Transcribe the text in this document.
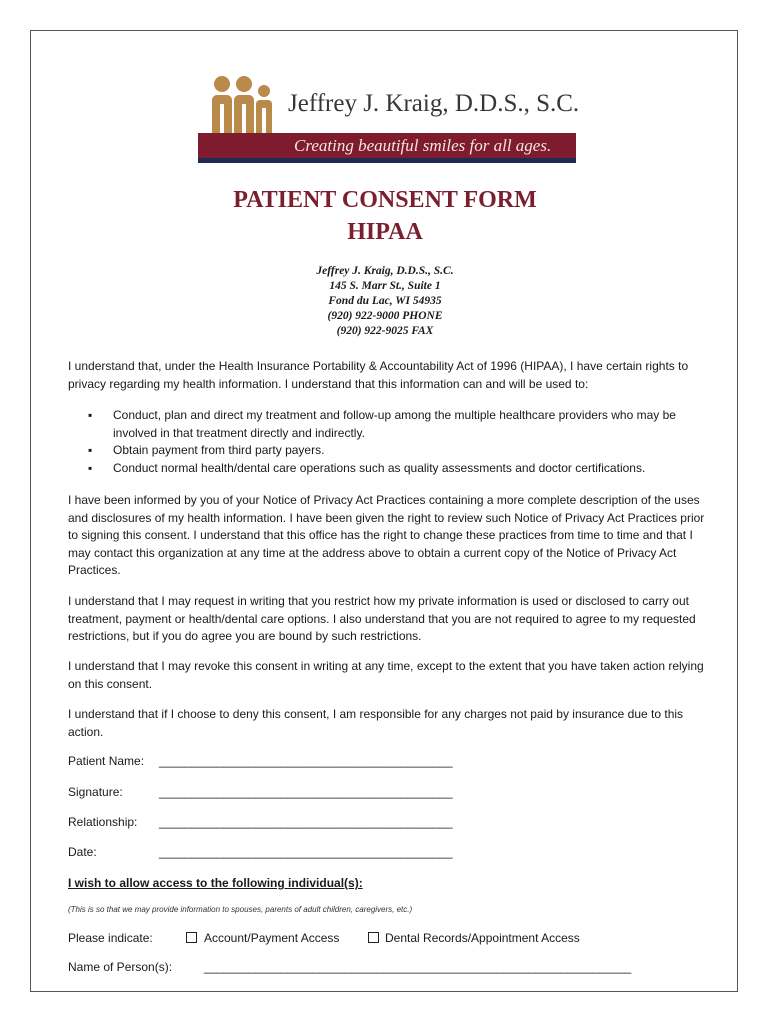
Jeffrey J. Kraig, D.D.S., S.C.
Creating beautiful smiles for all ages.
PATIENT CONSENT FORM
HIPAA
Jeffrey J. Kraig, D.D.S., S.C.
145 S. Marr St., Suite 1
Fond du Lac, WI 54935
(920) 922-9000 PHONE
(920) 922-9025 FAX

I understand that, under the Health Insurance Portability & Accountability Act of 1996 (HIPAA), I have certain rights to privacy regarding my health information. I understand that this information can and will be used to:

▪ Conduct, plan and direct my treatment and follow-up among the multiple healthcare providers who may be involved in that treatment directly and indirectly.
▪ Obtain payment from third party payers.
▪ Conduct normal health/dental care operations such as quality assessments and doctor certifications.

I have been informed by you of your Notice of Privacy Act Practices containing a more complete description of the uses and disclosures of my health information. I have been given the right to review such Notice of Privacy Act Practices prior to signing this consent. I understand that this office has the right to change these practices from time to time and that I may contact this organization at any time at the address above to obtain a current copy of the Notice of Privacy Act Practices.

I understand that I may request in writing that you restrict how my private information is used or disclosed to carry out treatment, payment or health/dental care options. I also understand that you are not required to agree to my requested restrictions, but if you do agree you are bound by such restrictions.

I understand that I may revoke this consent in writing at any time, except to the extent that you have taken action relying on this consent.

I understand that if I choose to deny this consent, I am responsible for any charges not paid by insurance due to this action.

Patient Name: ______________________________________________
Signature:	______________________________________________
Relationship: ______________________________________________
Date:	______________________________________________
I wish to allow access to the following individual(s):
(This is so that we may provide information to spouses, parents of adult children, caregivers, etc.)
Please indicate:	Account/Payment Access	Dental Records/Appointment Access
Name of Person(s):	___________________________________________________________________
